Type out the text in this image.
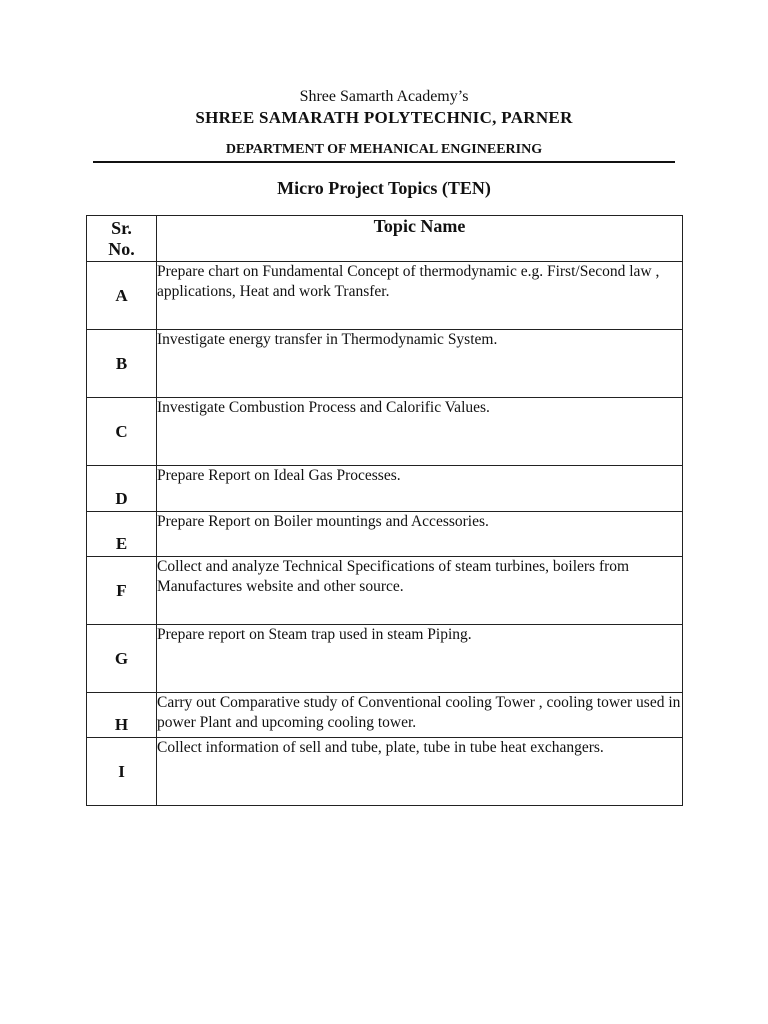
Shree Samarth Academy’s
SHREE SAMARATH POLYTECHNIC, PARNER
DEPARTMENT OF MEHANICAL ENGINEERING
Micro Project Topics (TEN)
Sr.
No.	Topic Name
A	Prepare chart on Fundamental Concept of thermodynamic e.g. First/Second law , applications, Heat and work Transfer.
B	Investigate energy transfer in Thermodynamic System.
C	Investigate Combustion Process and Calorific Values.
D	Prepare Report on Ideal Gas Processes.
E	Prepare Report on Boiler mountings and Accessories.
F	Collect and analyze Technical Specifications of steam turbines, boilers from Manufactures website and other source.
G	Prepare report on Steam trap used in steam Piping.
H	Carry out Comparative study of Conventional cooling Tower , cooling tower used in power Plant and upcoming cooling tower.
I	Collect information of sell and tube, plate, tube in tube heat exchangers.
